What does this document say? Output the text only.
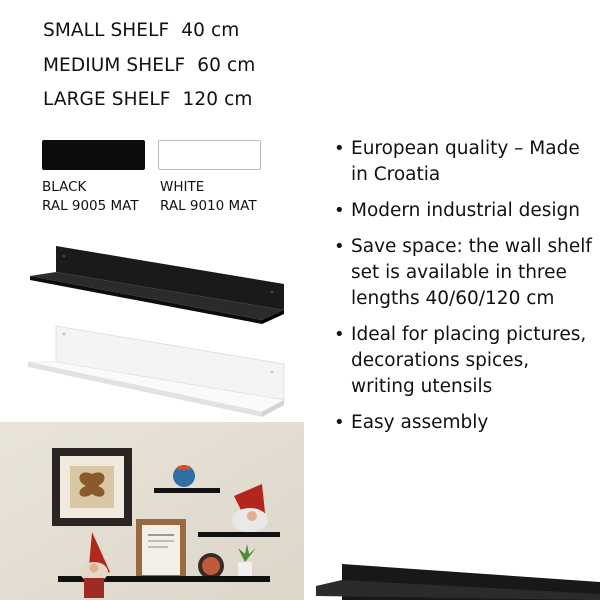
SMALL SHELF 40 cm
MEDIUM SHELF 60 cm
LARGE SHELF 120 cm
BLACK
RAL 9005 MAT
WHITE
RAL 9010 MAT
• European quality – Made in Croatia
• Modern industrial design
• Save space: the wall shelf set is available in three lengths 40/60/120 cm
• Ideal for placing pictures, decorations spices, writing utensils
• Easy assembly
